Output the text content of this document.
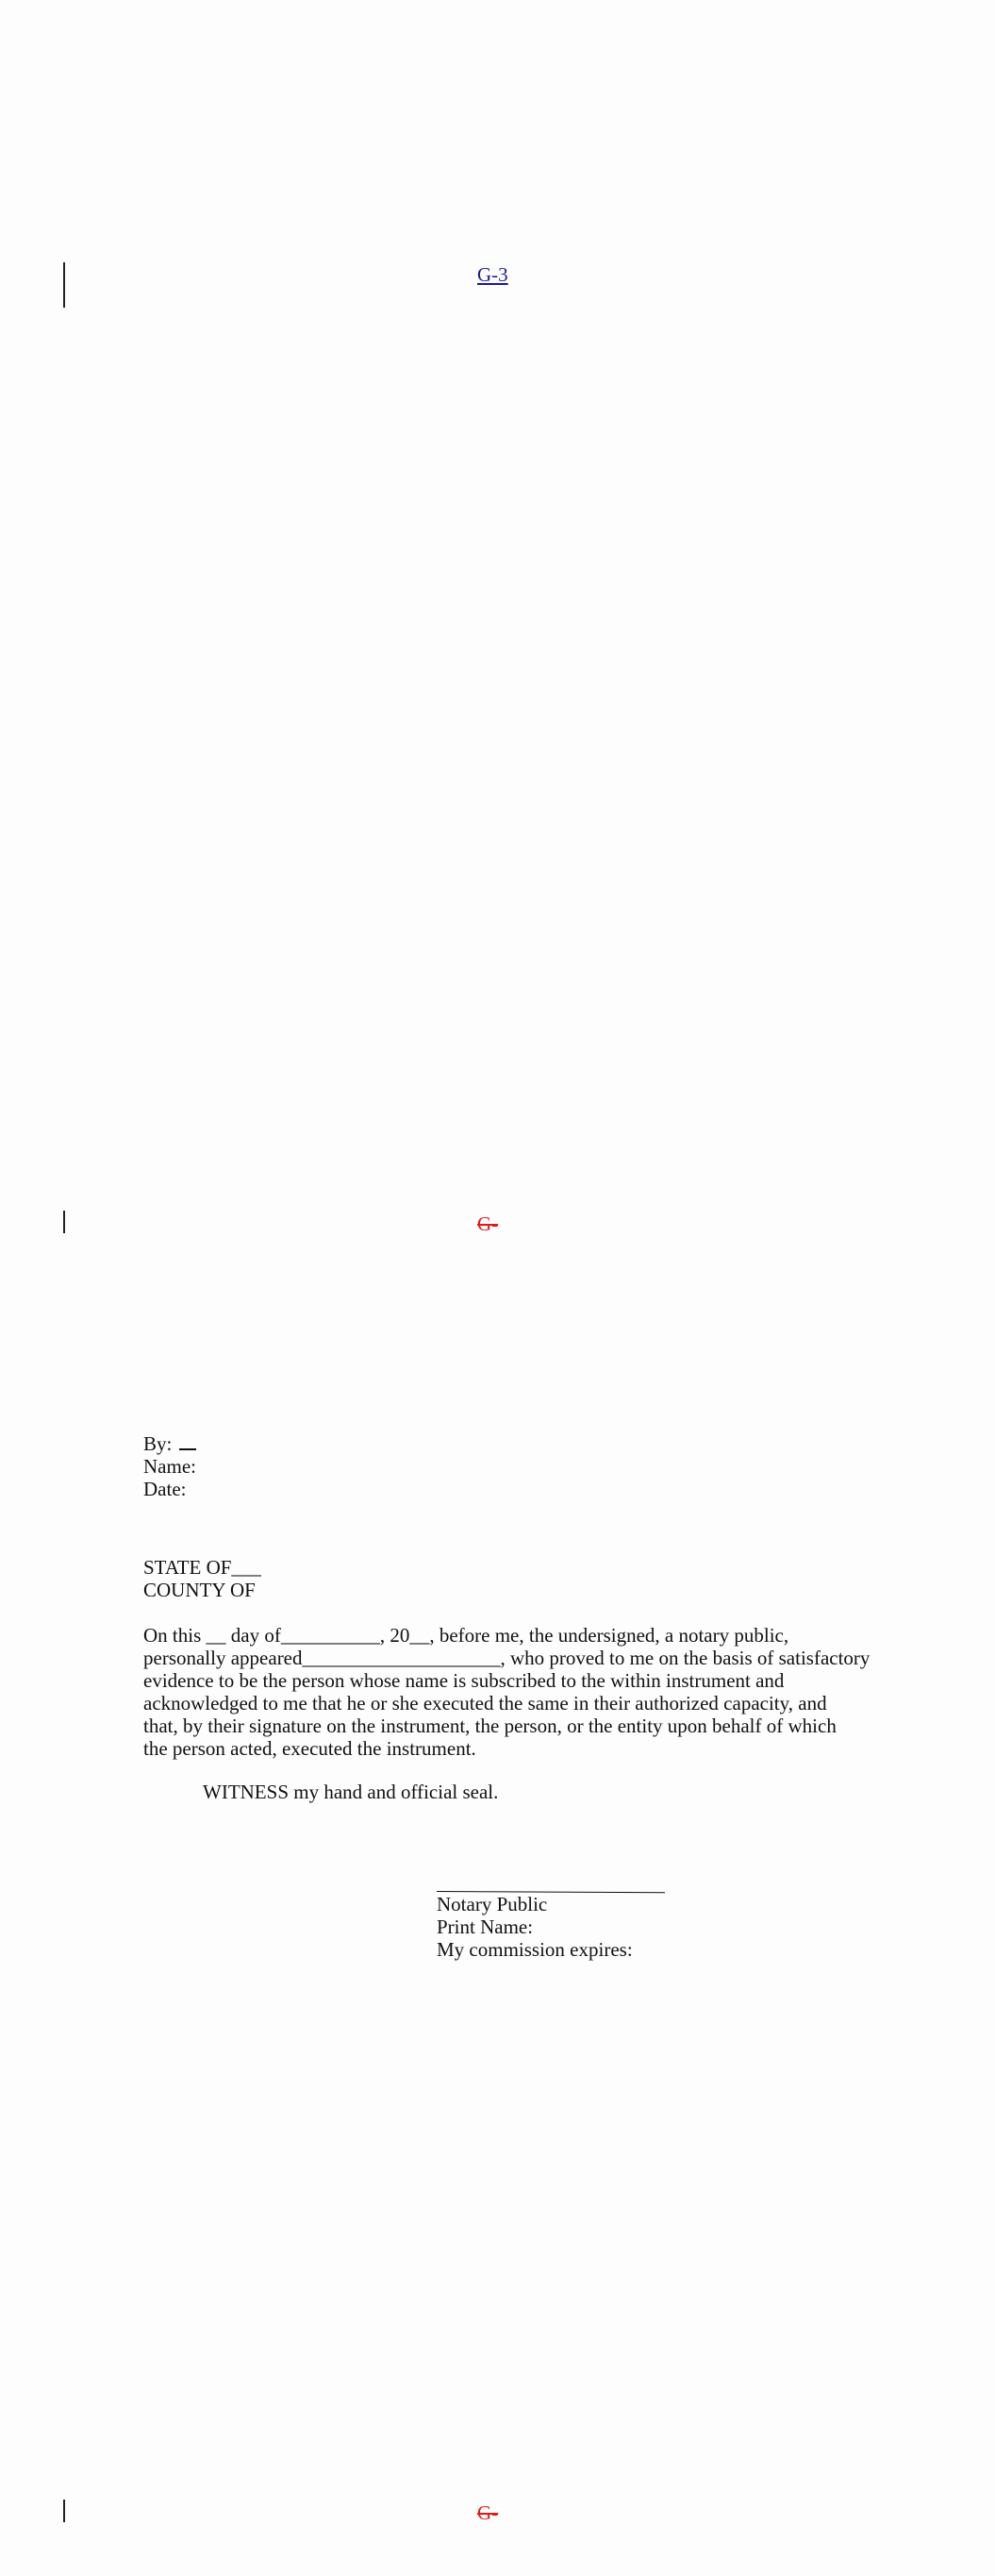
G-3
G-
G-
By:
Name:
Date:
STATE OF___
COUNTY OF
On this __ day of__________, 20__, before me, the undersigned, a notary public,
personally appeared____________________, who proved to me on the basis of satisfactory
evidence to be the person whose name is subscribed to the within instrument and
acknowledged to me that he or she executed the same in their authorized capacity, and
that, by their signature on the instrument, the person, or the entity upon behalf of which
the person acted, executed the instrument.
WITNESS my hand and official seal.
Notary Public
Print Name:
My commission expires:
